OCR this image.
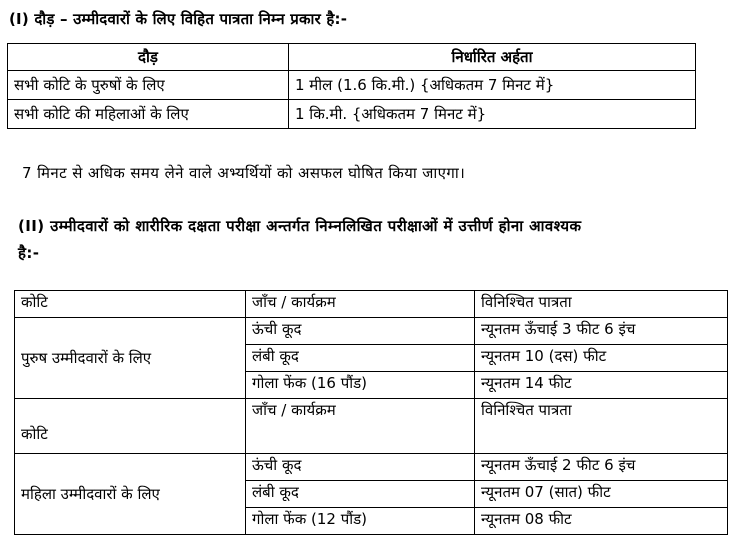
(I) दौड़ – उम्मीदवारों के लिए विहित पात्रता निम्न प्रकार है:-
दौड़	निर्धारित अर्हता
सभी कोटि के पुरुषों के लिए	1 मील (1.6 कि.मी.) {अधिकतम 7 मिनट में}
सभी कोटि की महिलाओं के लिए	1 कि.मी. {अधिकतम 7 मिनट में}
7 मिनट से अधिक समय लेने वाले अभ्यर्थियों को असफल घोषित किया जाएगा।
(II) उम्मीदवारों को शारीरिक दक्षता परीक्षा अन्तर्गत निम्नलिखित परीक्षाओं में उत्तीर्ण होना आवश्यक
है:-
कोटि	जाँच / कार्यक्रम	विनिश्चित पात्रता
पुरुष उम्मीदवारों के लिए	ऊंची कूद	न्यूनतम ऊँचाई 3 फीट 6 इंच
	लंबी कूद	न्यूनतम 10 (दस) फीट
	गोला फेंक (16 पौंड)	न्यूनतम 14 फीट
कोटि	जाँच / कार्यक्रम	विनिश्चित पात्रता
महिला उम्मीदवारों के लिए	ऊंची कूद	न्यूनतम ऊँचाई 2 फीट 6 इंच
	लंबी कूद	न्यूनतम 07 (सात) फीट
	गोला फेंक (12 पौंड)	न्यूनतम 08 फीट
